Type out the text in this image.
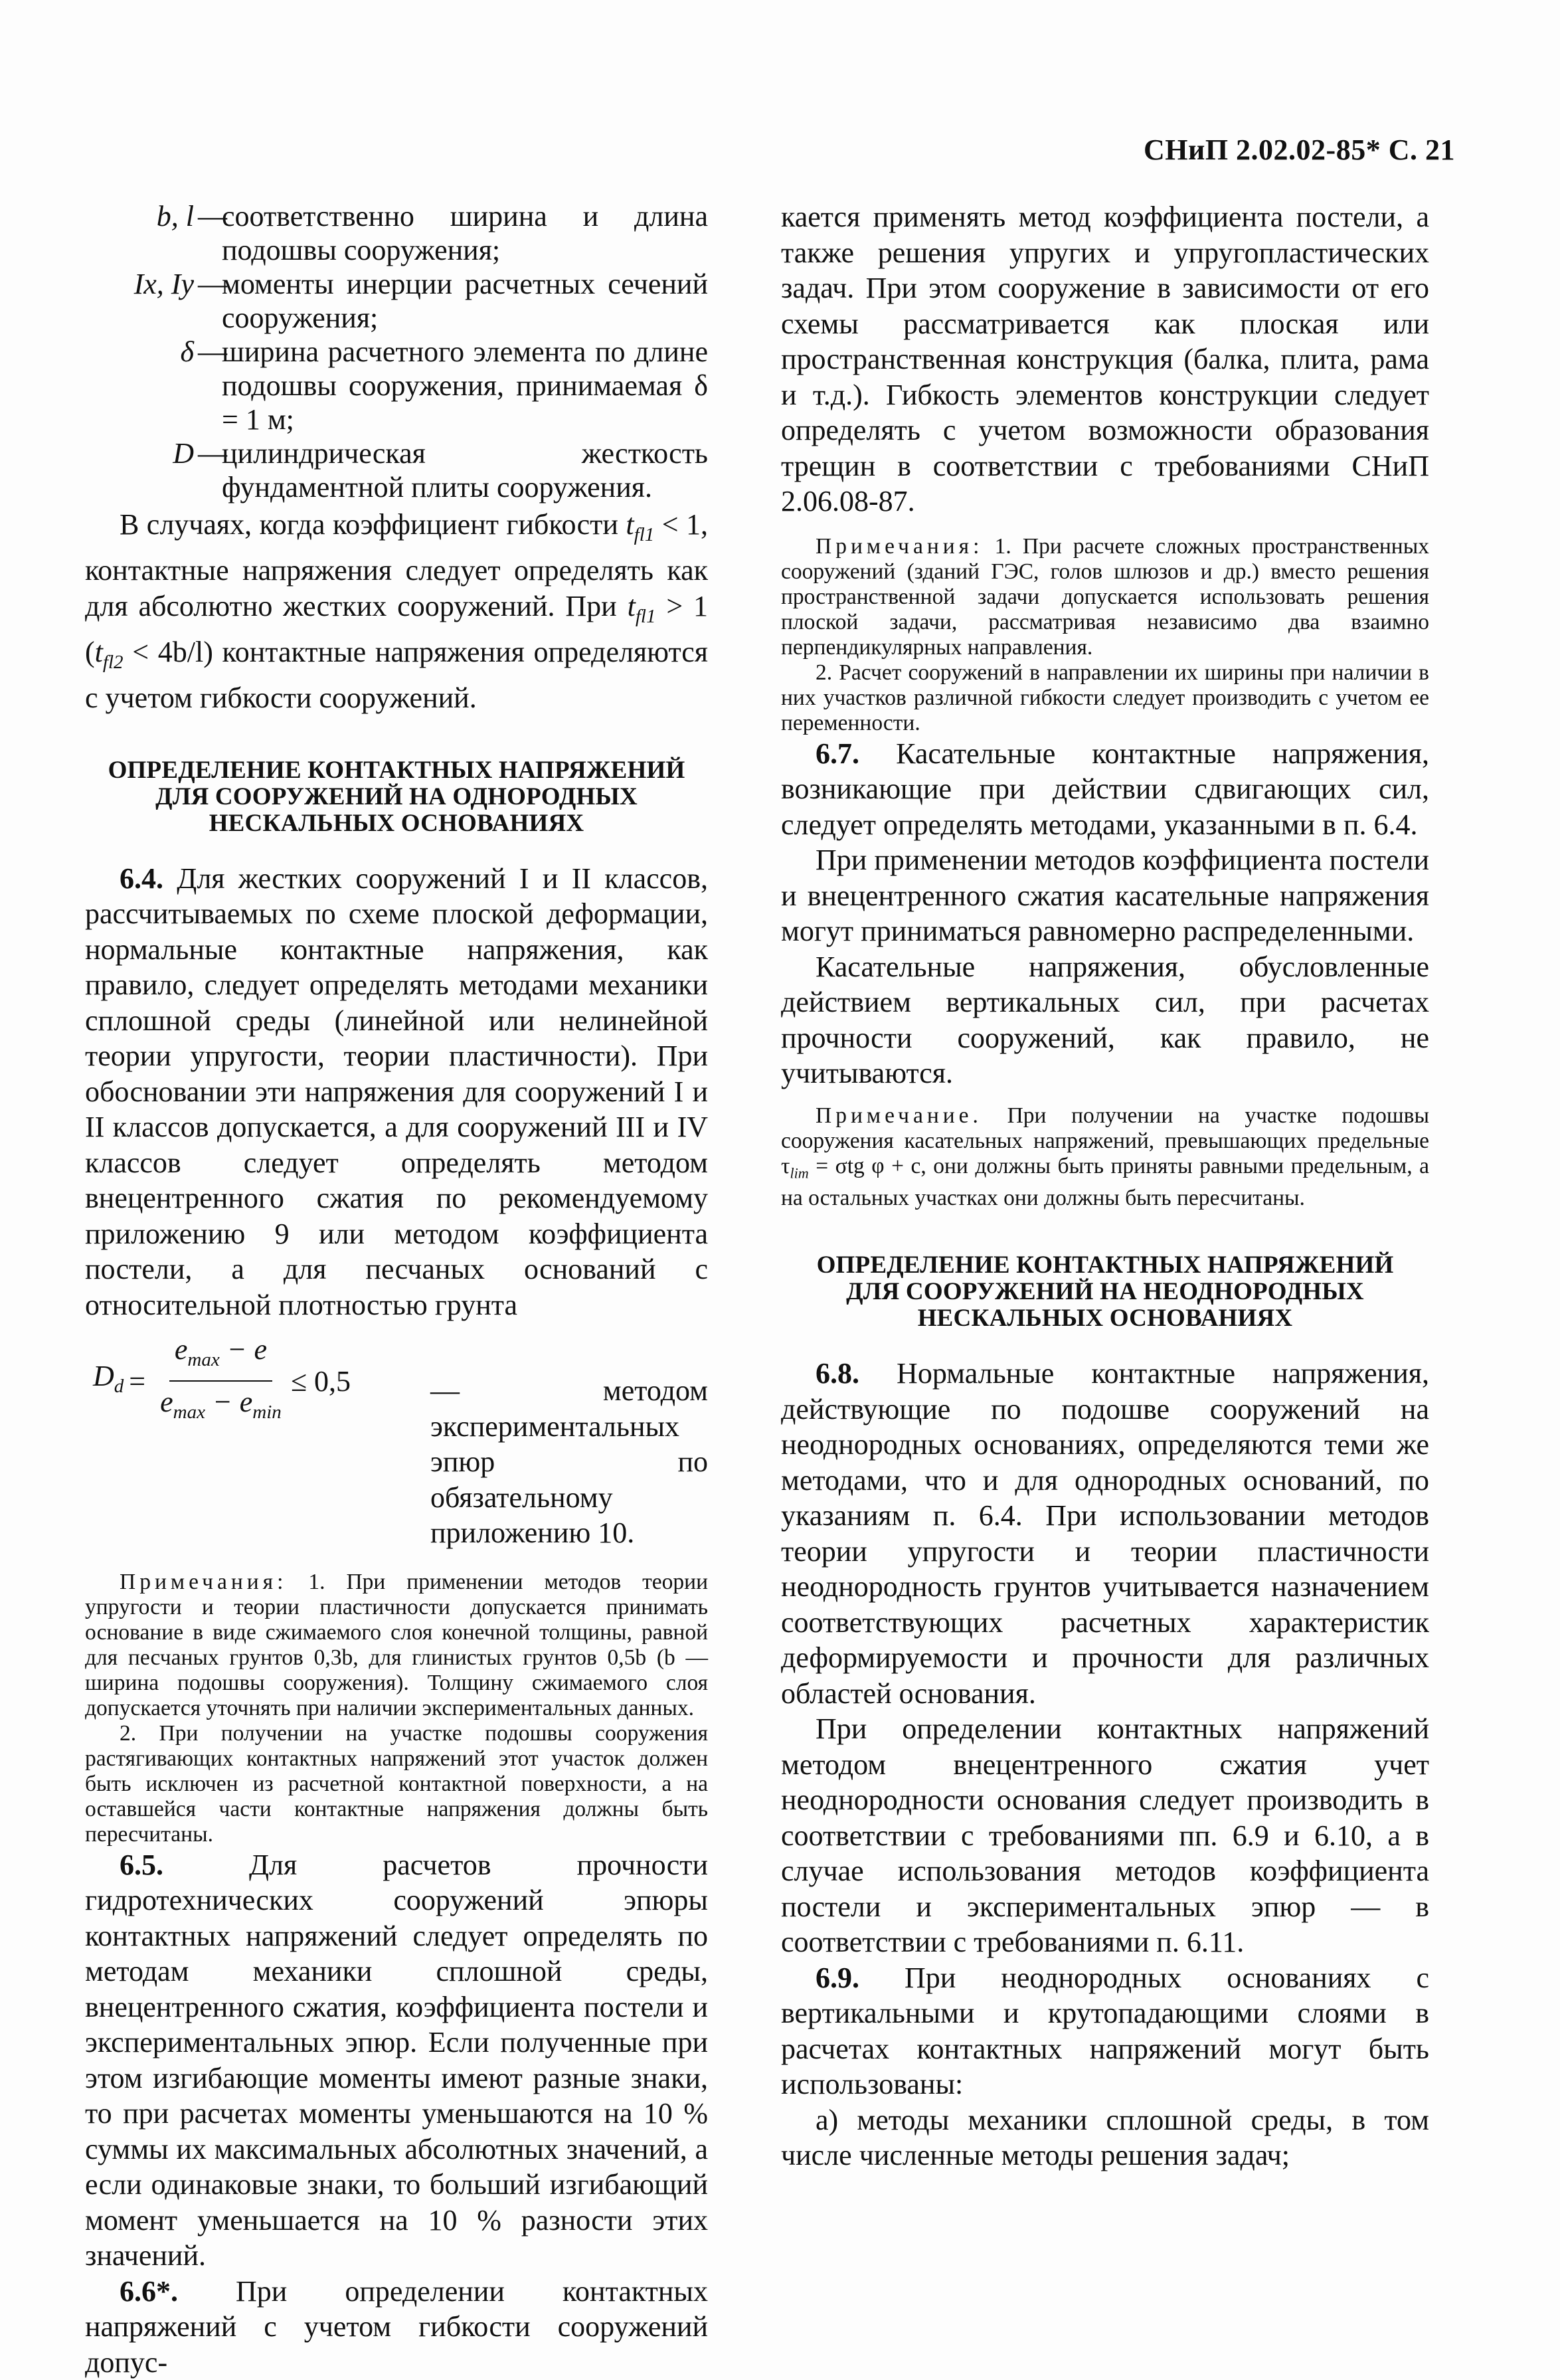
СНиП 2.02.02-85* С. 21
b, l —
соответственно ширина и длина подошвы сооружения;
Ix, Iy —
моменты инерции расчетных сечений сооружения;
δ —
ширина расчетного элемента по длине подошвы сооружения, принимаемая δ = 1 м;
D —
цилиндрическая жесткость фундаментной плиты сооружения.

В случаях, когда коэффициент гибкости $t_{fl1} < 1$, контактные напряжения следует определять как для абсолютно жестких сооружений. При $t_{fl1} > 1$ $(t_{fl2} < 4b/l)$ контактные напряжения определяются с учетом гибкости сооружений.

ОПРЕДЕЛЕНИЕ КОНТАКТНЫХ НАПРЯЖЕНИЙ ДЛЯ СООРУЖЕНИЙ НА ОДНОРОДНЫХ НЕСКАЛЬНЫХ ОСНОВАНИЯХ

6.4. Для жестких сооружений I и II классов, рассчитываемых по схеме плоской деформации, нормальные контактные напряжения, как правило, следует определять методами механики сплошной среды (линейной или нелинейной теории упругости, теории пластичности). При обосновании эти напряжения для сооружений I и II классов допускается, а для сооружений III и IV классов следует определять методом внецентренного сжатия по рекомендуемому приложению 9 или методом коэффициента постели, а для песчаных оснований с относительной плотностью грунта

$D_d = \frac{e_{max} - e}{e_{max} - e_{min}} \le 0,5$	— методом экспериментальных эпюр по обязательному приложению 10.

Примечания: 1. При применении методов теории упругости и теории пластичности допускается принимать основание в виде сжимаемого слоя конечной толщины, равной для песчаных грунтов 0,3b, для глинистых грунтов 0,5b (b — ширина подошвы сооружения). Толщину сжимаемого слоя допускается уточнять при наличии экспериментальных данных.

2. При получении на участке подошвы сооружения растягивающих контактных напряжений этот участок должен быть исключен из расчетной контактной поверхности, а на оставшейся части контактные напряжения должны быть пересчитаны.

6.5. Для расчетов прочности гидротехнических сооружений эпюры контактных напряжений следует определять по методам механики сплошной среды, внецентренного сжатия, коэффициента постели и экспериментальных эпюр. Если полученные при этом изгибающие моменты имеют разные знаки, то при расчетах моменты уменьшаются на 10 % суммы их максимальных абсолютных значений, а если одинаковые знаки, то больший изгибающий момент уменьшается на 10 % разности этих значений.

6.6*. При определении контактных напряжений с учетом гибкости сооружений допус-

кается применять метод коэффициента постели, а также решения упругих и упругопластических задач. При этом сооружение в зависимости от его схемы рассматривается как плоская или пространственная конструкция (балка, плита, рама и т.д.). Гибкость элементов конструкции следует определять с учетом возможности образования трещин в соответствии с требованиями СНиП 2.06.08-87.

Примечания: 1. При расчете сложных пространственных сооружений (зданий ГЭС, голов шлюзов и др.) вместо решения пространственной задачи допускается использовать решения плоской задачи, рассматривая независимо два взаимно перпендикулярных направления.

2. Расчет сооружений в направлении их ширины при наличии в них участков различной гибкости следует производить с учетом ее переменности.

6.7. Касательные контактные напряжения, возникающие при действии сдвигающих сил, следует определять методами, указанными в п. 6.4.

При применении методов коэффициента постели и внецентренного сжатия касательные напряжения могут приниматься равномерно распределенными.

Касательные напряжения, обусловленные действием вертикальных сил, при расчетах прочности сооружений, как правило, не учитываются.

Примечание. При получении на участке подошвы сооружения касательных напряжений, превышающих предельные $\tau_{lim} = \sigma tg$ φ + c, они должны быть приняты равными предельным, а на остальных участках они должны быть пересчитаны.

ОПРЕДЕЛЕНИЕ КОНТАКТНЫХ НАПРЯЖЕНИЙ ДЛЯ СООРУЖЕНИЙ НА НЕОДНОРОДНЫХ НЕСКАЛЬНЫХ ОСНОВАНИЯХ

6.8. Нормальные контактные напряжения, действующие по подошве сооружений на неоднородных основаниях, определяются теми же методами, что и для однородных оснований, по указаниям п. 6.4. При использовании методов теории упругости и теории пластичности неоднородность грунтов учитывается назначением соответствующих расчетных характеристик деформируемости и прочности для различных областей основания.

При определении контактных напряжений методом внецентренного сжатия учет неоднородности основания следует производить в соответствии с требованиями пп. 6.9 и 6.10, а в случае использования методов коэффициента постели и экспериментальных эпюр — в соответствии с требованиями п. 6.11.

6.9. При неоднородных основаниях с вертикальными и крутопадающими слоями в расчетах контактных напряжений могут быть использованы:

а) методы механики сплошной среды, в том числе численные методы решения задач;
